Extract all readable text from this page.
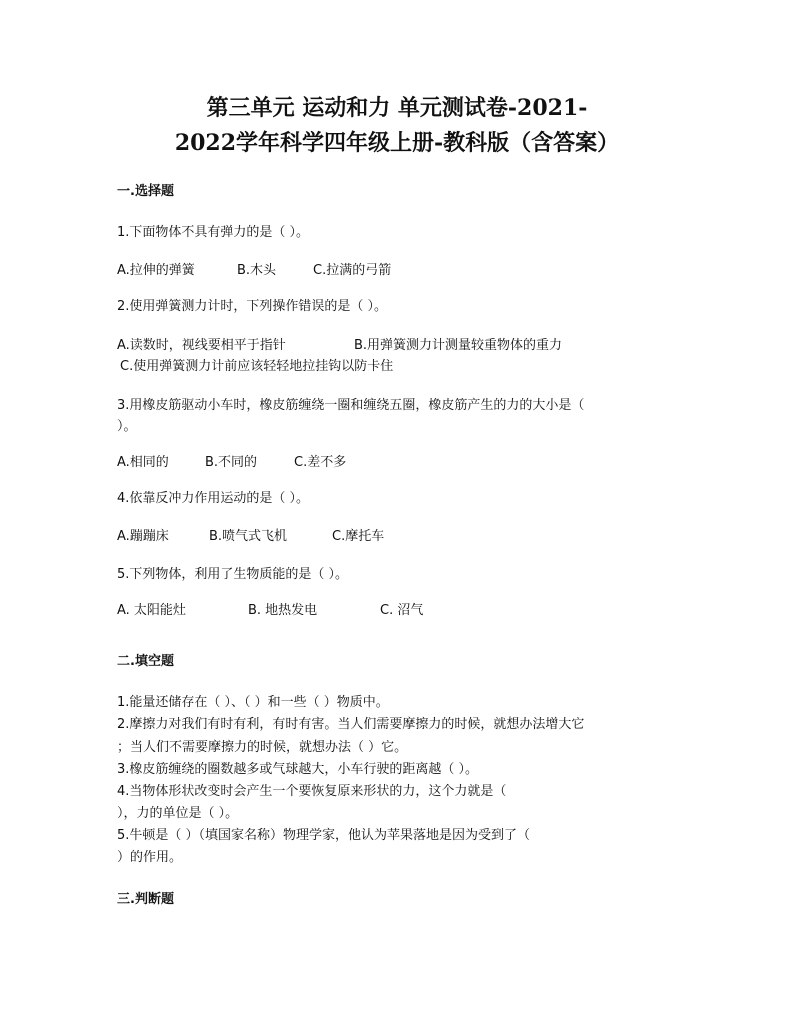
第三单元 运动和力 单元测试卷-2021-
2022学年科学四年级上册-教科版（含答案）
一.选择题
1.下面物体不具有弹力的是（ ）。
A.拉伸的弹簧	B.木头	C.拉满的弓箭
2.使用弹簧测力计时，下列操作错误的是（ ）。
A.读数时，视线要相平于指针	B.用弹簧测力计测量较重物体的重力
C.使用弹簧测力计前应该轻轻地拉挂钩以防卡住
3.用橡皮筋驱动小车时，橡皮筋缠绕一圈和缠绕五圈，橡皮筋产生的力的大小是（
）。
A.相同的	B.不同的	C.差不多
4.依靠反冲力作用运动的是（ ）。
A.蹦蹦床	B.喷气式飞机	C.摩托车
5.下列物体，利用了生物质能的是（ ）。
A. 太阳能灶	B. 地热发电	C. 沼气
二.填空题
1.能量还储存在（ ）、（ ）和一些（ ）物质中。
2.摩擦力对我们有时有利，有时有害。当人们需要摩擦力的时候，就想办法增大它
；当人们不需要摩擦力的时候，就想办法（ ）它。
3.橡皮筋缠绕的圈数越多或气球越大，小车行驶的距离越（ ）。
4.当物体形状改变时会产生一个要恢复原来形状的力，这个力就是（
），力的单位是（ ）。
5.牛顿是（ ）（填国家名称）物理学家，他认为苹果落地是因为受到了（
）的作用。
三.判断题
